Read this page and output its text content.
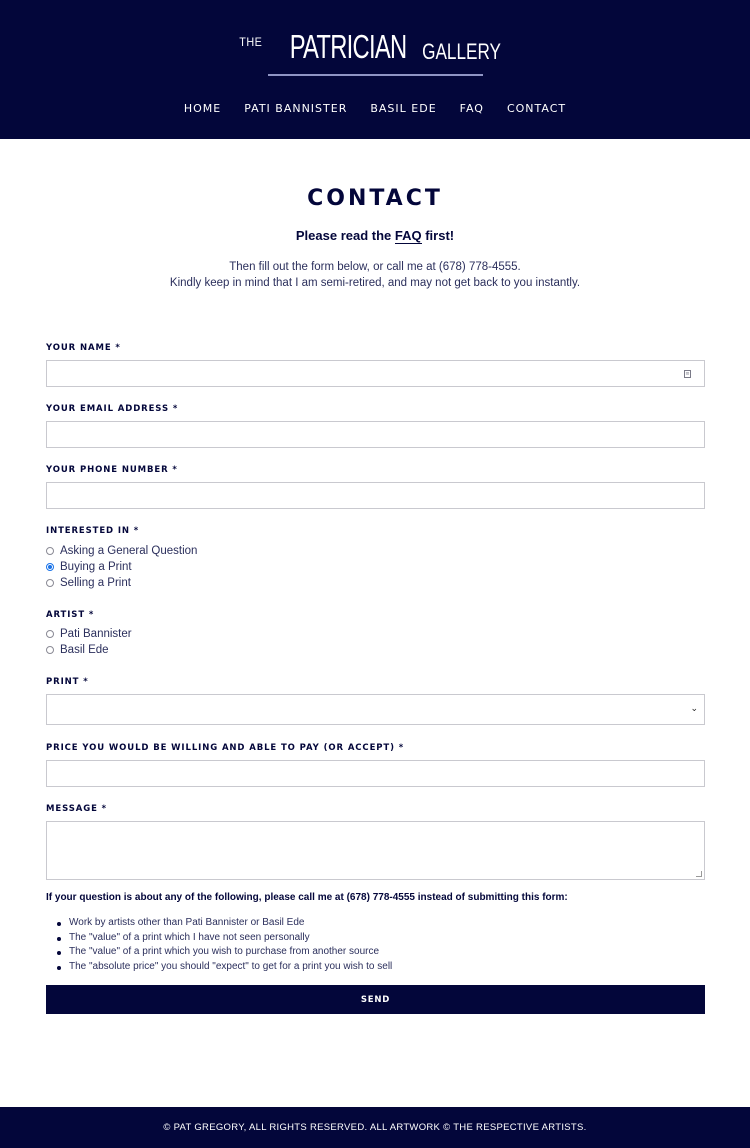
THE PATRICIAN GALLERY
HOME PATI BANNISTER BASIL EDE FAQ CONTACT
CONTACT
Please read the FAQ first!
Then fill out the form below, or call me at (678) 778-4555.
Kindly keep in mind that I am semi-retired, and may not get back to you instantly.
YOUR NAME *
≡
YOUR EMAIL ADDRESS *
YOUR PHONE NUMBER *
INTERESTED IN *
Asking a General Question
Buying a Print
Selling a Print
ARTIST *
Pati Bannister
Basil Ede
PRINT *
⌄
PRICE YOU WOULD BE WILLING AND ABLE TO PAY (OR ACCEPT) *
MESSAGE *
If your question is about any of the following, please call me at (678) 778-4555 instead of submitting this form:
Work by artists other than Pati Bannister or Basil Ede
The "value" of a print which I have not seen personally
The "value" of a print which you wish to purchase from another source
The "absolute price" you should "expect" to get for a print you wish to sell
SEND
© PAT GREGORY, ALL RIGHTS RESERVED. ALL ARTWORK © THE RESPECTIVE ARTISTS.
